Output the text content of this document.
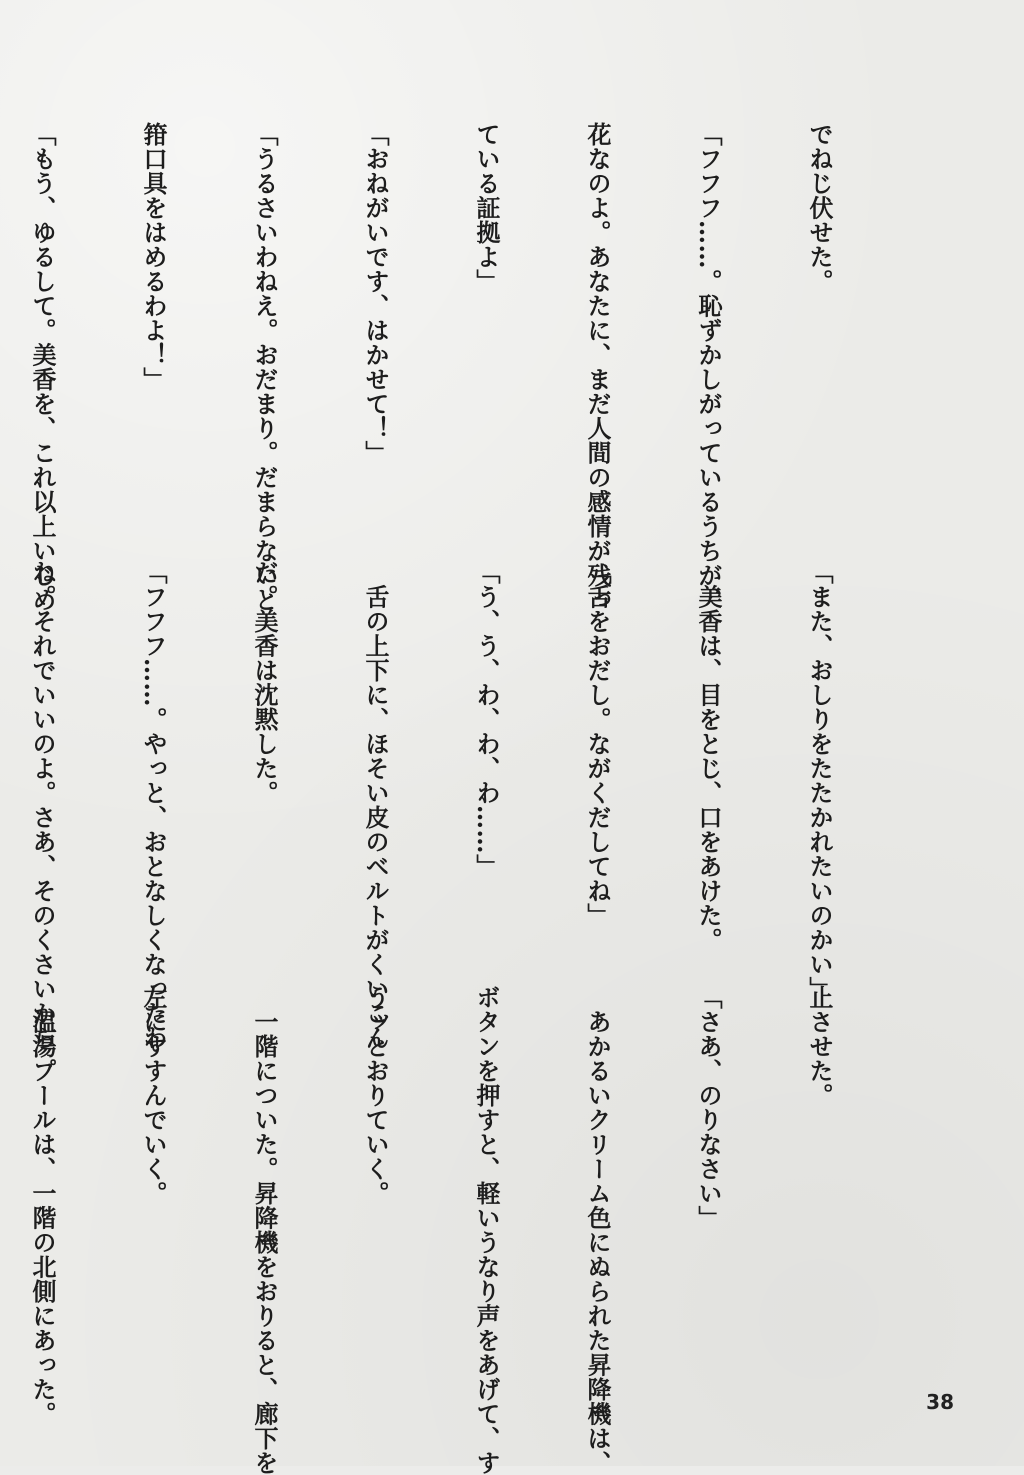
でねじ伏せた。

「フフフ……。恥ずかしがっているうちが、

花なのよ。あなたに、まだ人間の感情が残っ

ている証拠よ」

「おねがいです、はかせて！」

「うるさいわねえ。おだまり。だまらないと

箝口具をはめるわよ！」

「もう、ゆるして。美香を、これ以上いじめ

「また、おしりをたたかれたいのかい」

　美香は、目をとじ、口をあけた。

「舌をおだし。ながくだしてね」

「う、う、わ、わ、わ……」

　舌の上下に、ほそい皮のベルトがくいこん

だ。美香は沈黙した。

「フフフ……。やっと、おとなしくなったわ

ね。それでいいのよ。さあ、そのくさいから

	止させた。

「さあ、のりなさい」

　あかるいクリーム色にぬられた昇降機は、

ボタンを押すと、軽いうなり声をあげて、す

うッとおりていく。

　一階についた。昇降機をおりると、廊下を

左にすすんでいく。

　温湯プールは、一階の北側にあった。

	38
